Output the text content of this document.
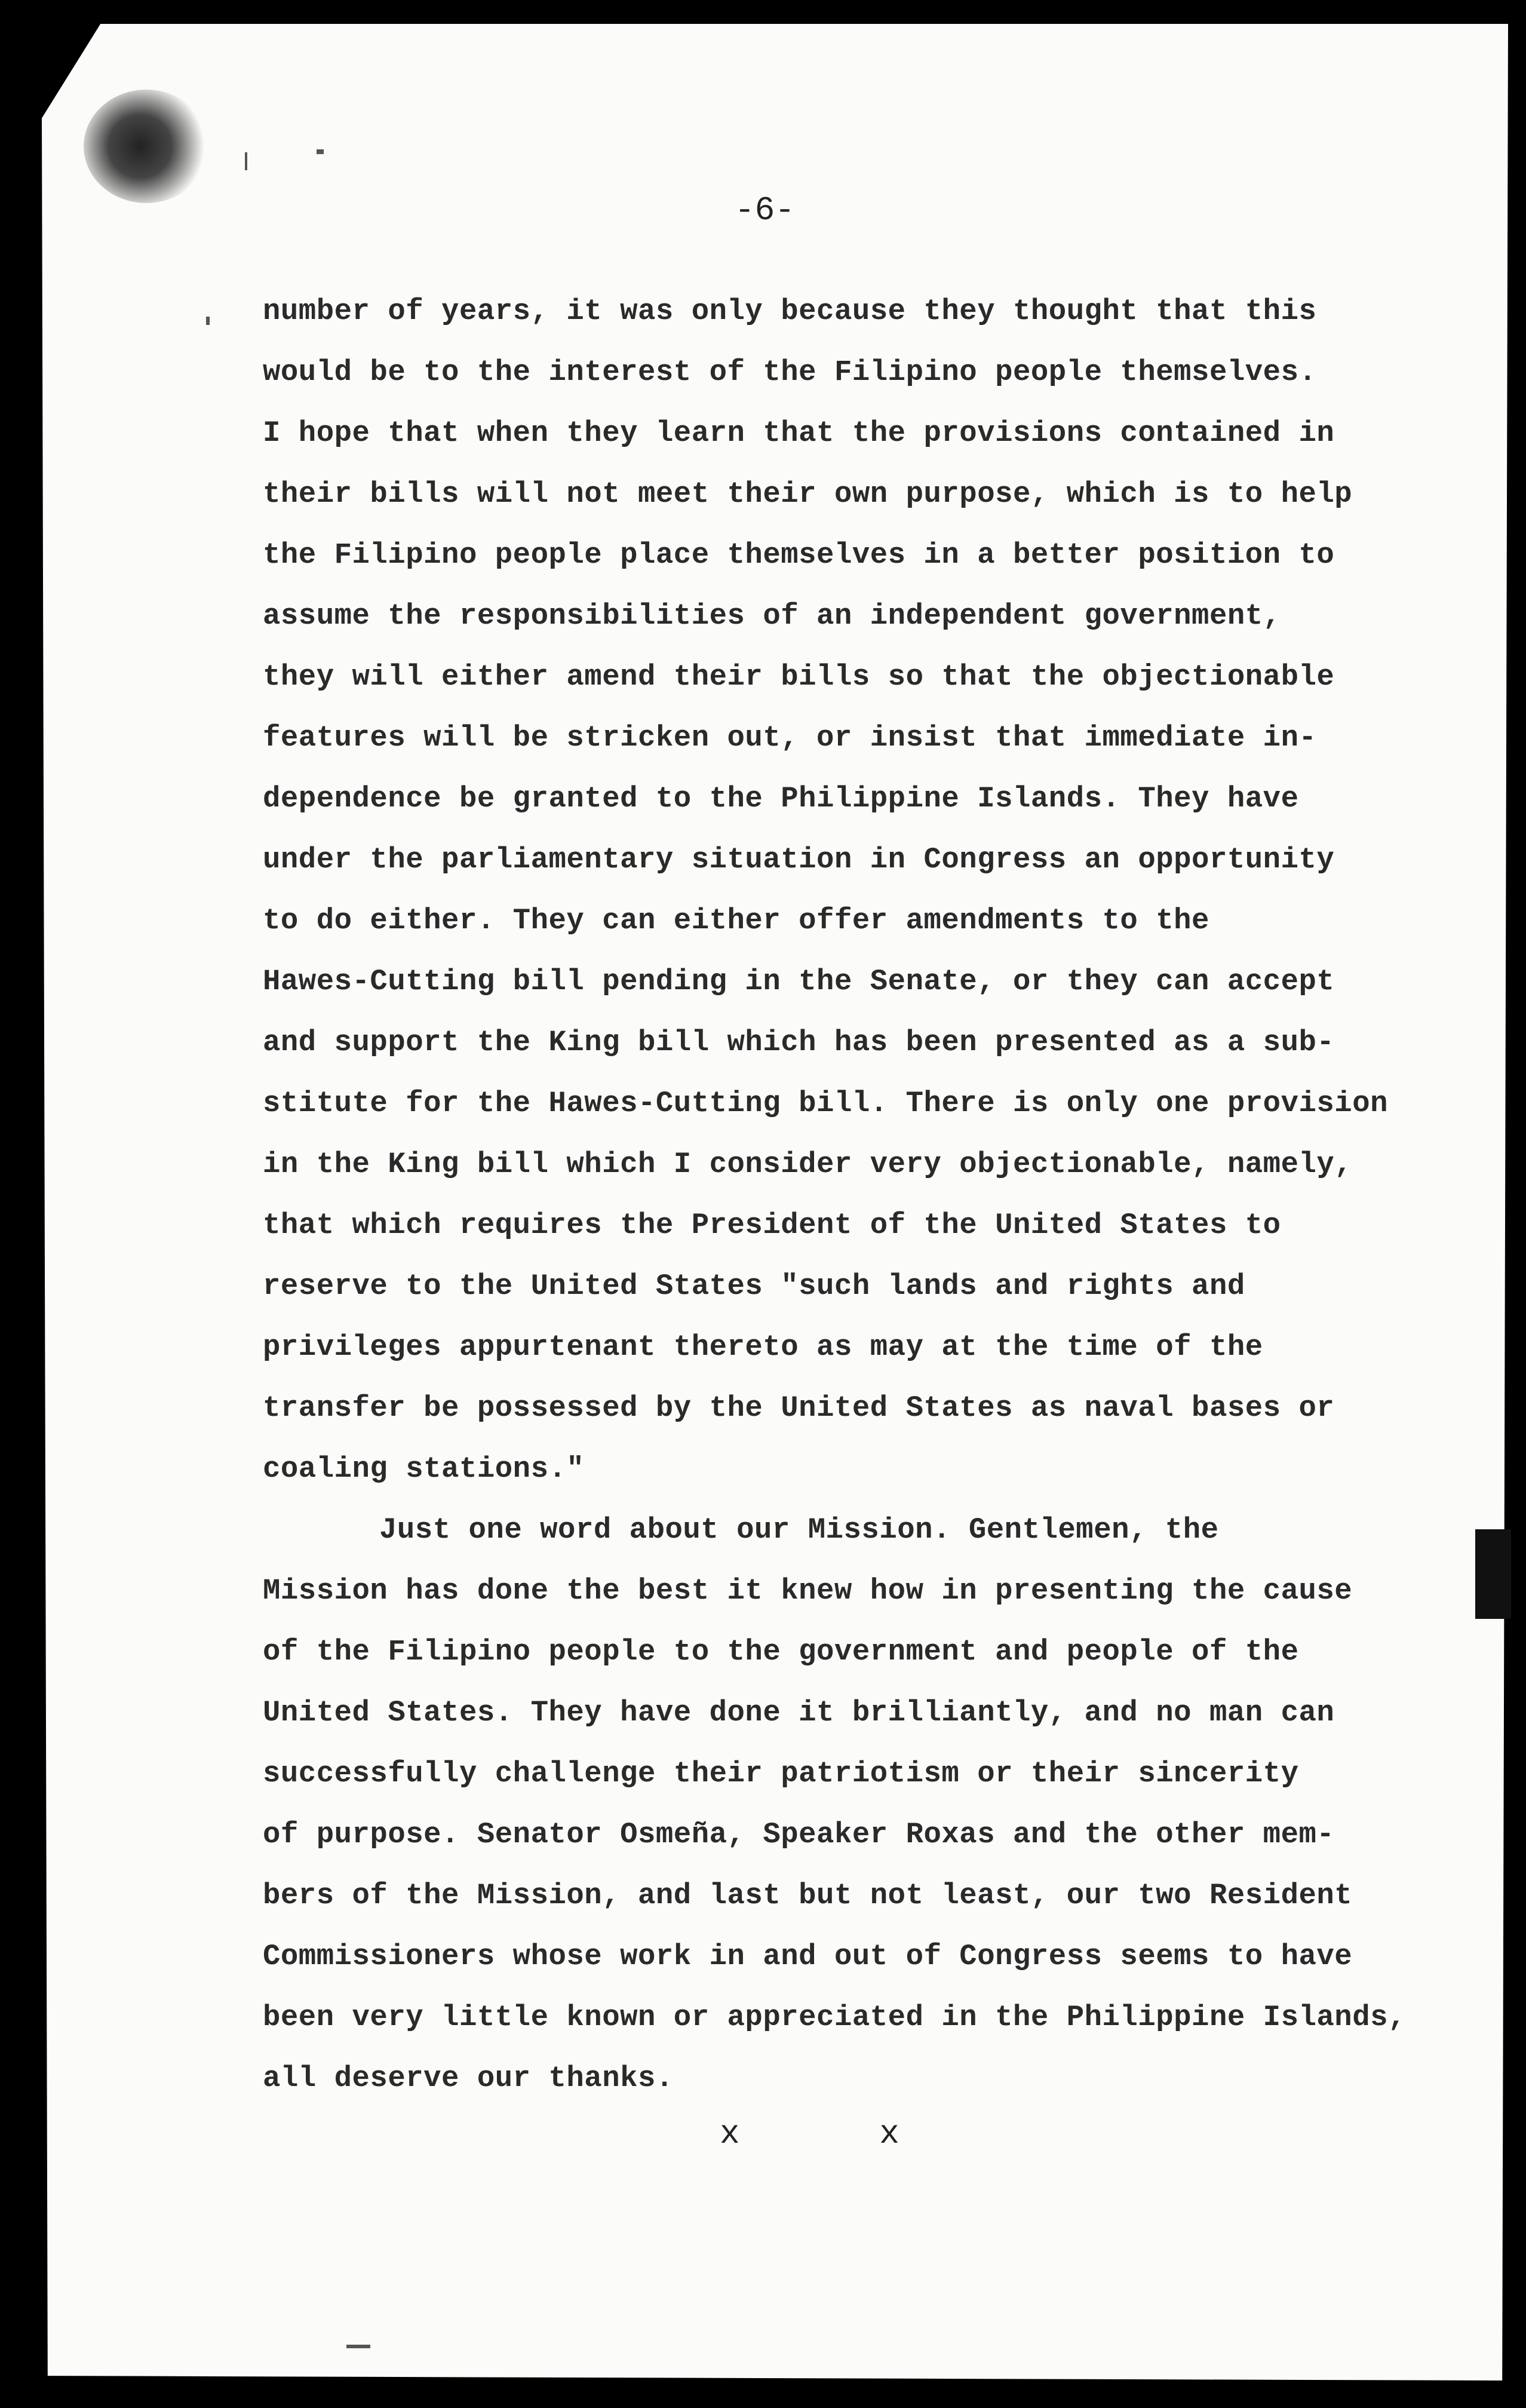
-6-
number of years, it was only because they thought that this
would be to the interest of the Filipino people themselves.
I hope that when they learn that the provisions contained in
their bills will not meet their own purpose, which is to help
the Filipino people place themselves in a better position to
assume the responsibilities of an independent government,
they will either amend their bills so that the objectionable
features will be stricken out, or insist that immediate in-
dependence be granted to the Philippine Islands. They have
under the parliamentary situation in Congress an opportunity
to do either. They can either offer amendments to the
Hawes-Cutting bill pending in the Senate, or they can accept
and support the King bill which has been presented as a sub-
stitute for the Hawes-Cutting bill. There is only one provision
in the King bill which I consider very objectionable, namely,
that which requires the President of the United States to
reserve to the United States "such lands and rights and
privileges appurtenant thereto as may at the time of the
transfer be possessed by the United States as naval bases or
coaling stations."
Just one word about our Mission. Gentlemen, the
Mission has done the best it knew how in presenting the cause
of the Filipino people to the government and people of the
United States. They have done it brilliantly, and no man can
successfully challenge their patriotism or their sincerity
of purpose. Senator Osmeña, Speaker Roxas and the other mem-
bers of the Mission, and last but not least, our two Resident
Commissioners whose work in and out of Congress seems to have
been very little known or appreciated in the Philippine Islands,
all deserve our thanks.
x x
